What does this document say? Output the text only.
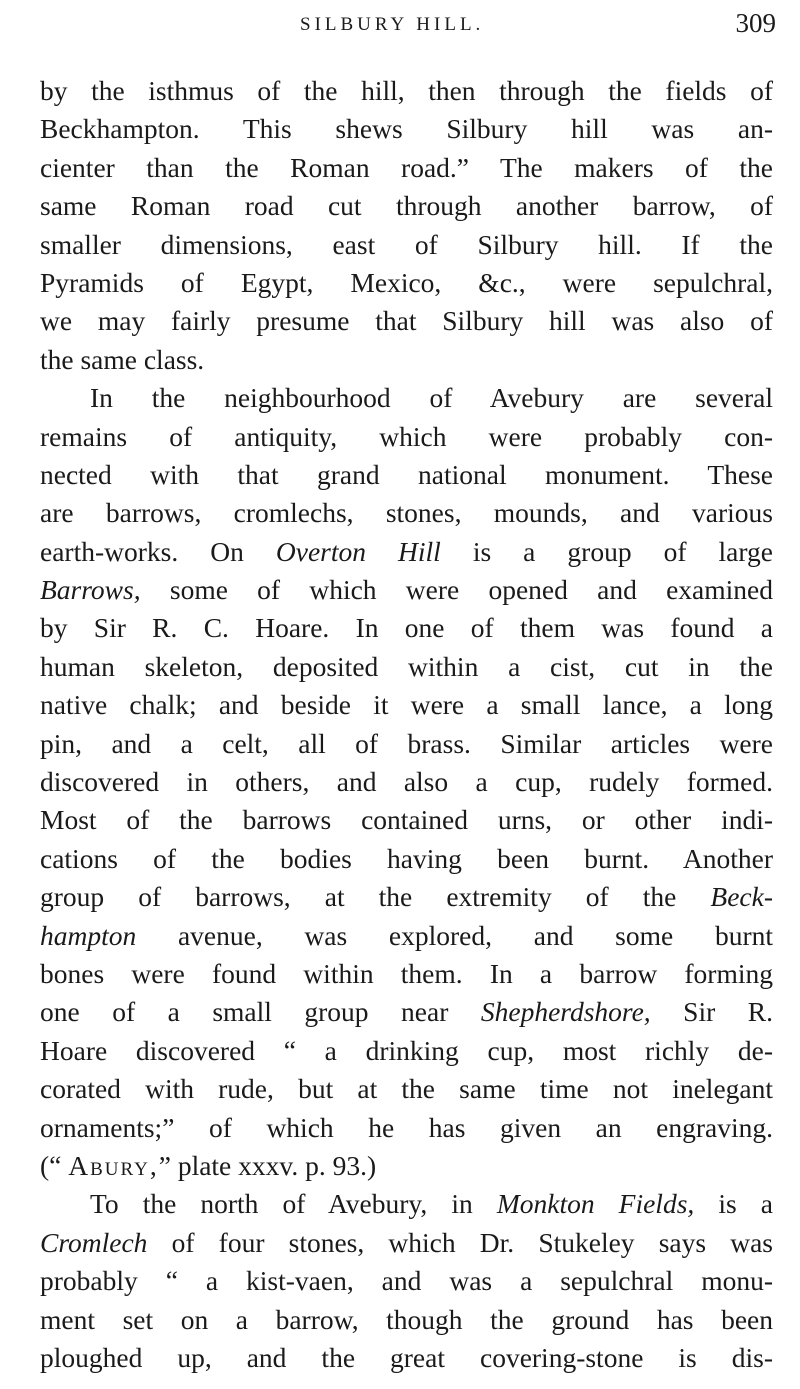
SILBURY HILL.	309
by the isthmus of the hill, then through the fields of
Beckhampton. This shews Silbury hill was an-
cienter than the Roman road.” The makers of the
same Roman road cut through another barrow, of
smaller dimensions, east of Silbury hill. If the
Pyramids of Egypt, Mexico, &c., were sepulchral,
we may fairly presume that Silbury hill was also of
the same class.
In the neighbourhood of Avebury are several
remains of antiquity, which were probably con-
nected with that grand national monument. These
are barrows, cromlechs, stones, mounds, and various
earth-works. On Overton Hill is a group of large
Barrows, some of which were opened and examined
by Sir R. C. Hoare. In one of them was found a
human skeleton, deposited within a cist, cut in the
native chalk; and beside it were a small lance, a long
pin, and a celt, all of brass. Similar articles were
discovered in others, and also a cup, rudely formed.
Most of the barrows contained urns, or other indi-
cations of the bodies having been burnt. Another
group of barrows, at the extremity of the Beck-
hampton avenue, was explored, and some burnt
bones were found within them. In a barrow forming
one of a small group near Shepherdshore, Sir R.
Hoare discovered “ a drinking cup, most richly de-
corated with rude, but at the same time not inelegant
ornaments;” of which he has given an engraving.
(“ Abury,” plate xxxv. p. 93.)
To the north of Avebury, in Monkton Fields, is a
Cromlech of four stones, which Dr. Stukeley says was
probably “ a kist-vaen, and was a sepulchral monu-
ment set on a barrow, though the ground has been
ploughed up, and the great covering-stone is dis-
